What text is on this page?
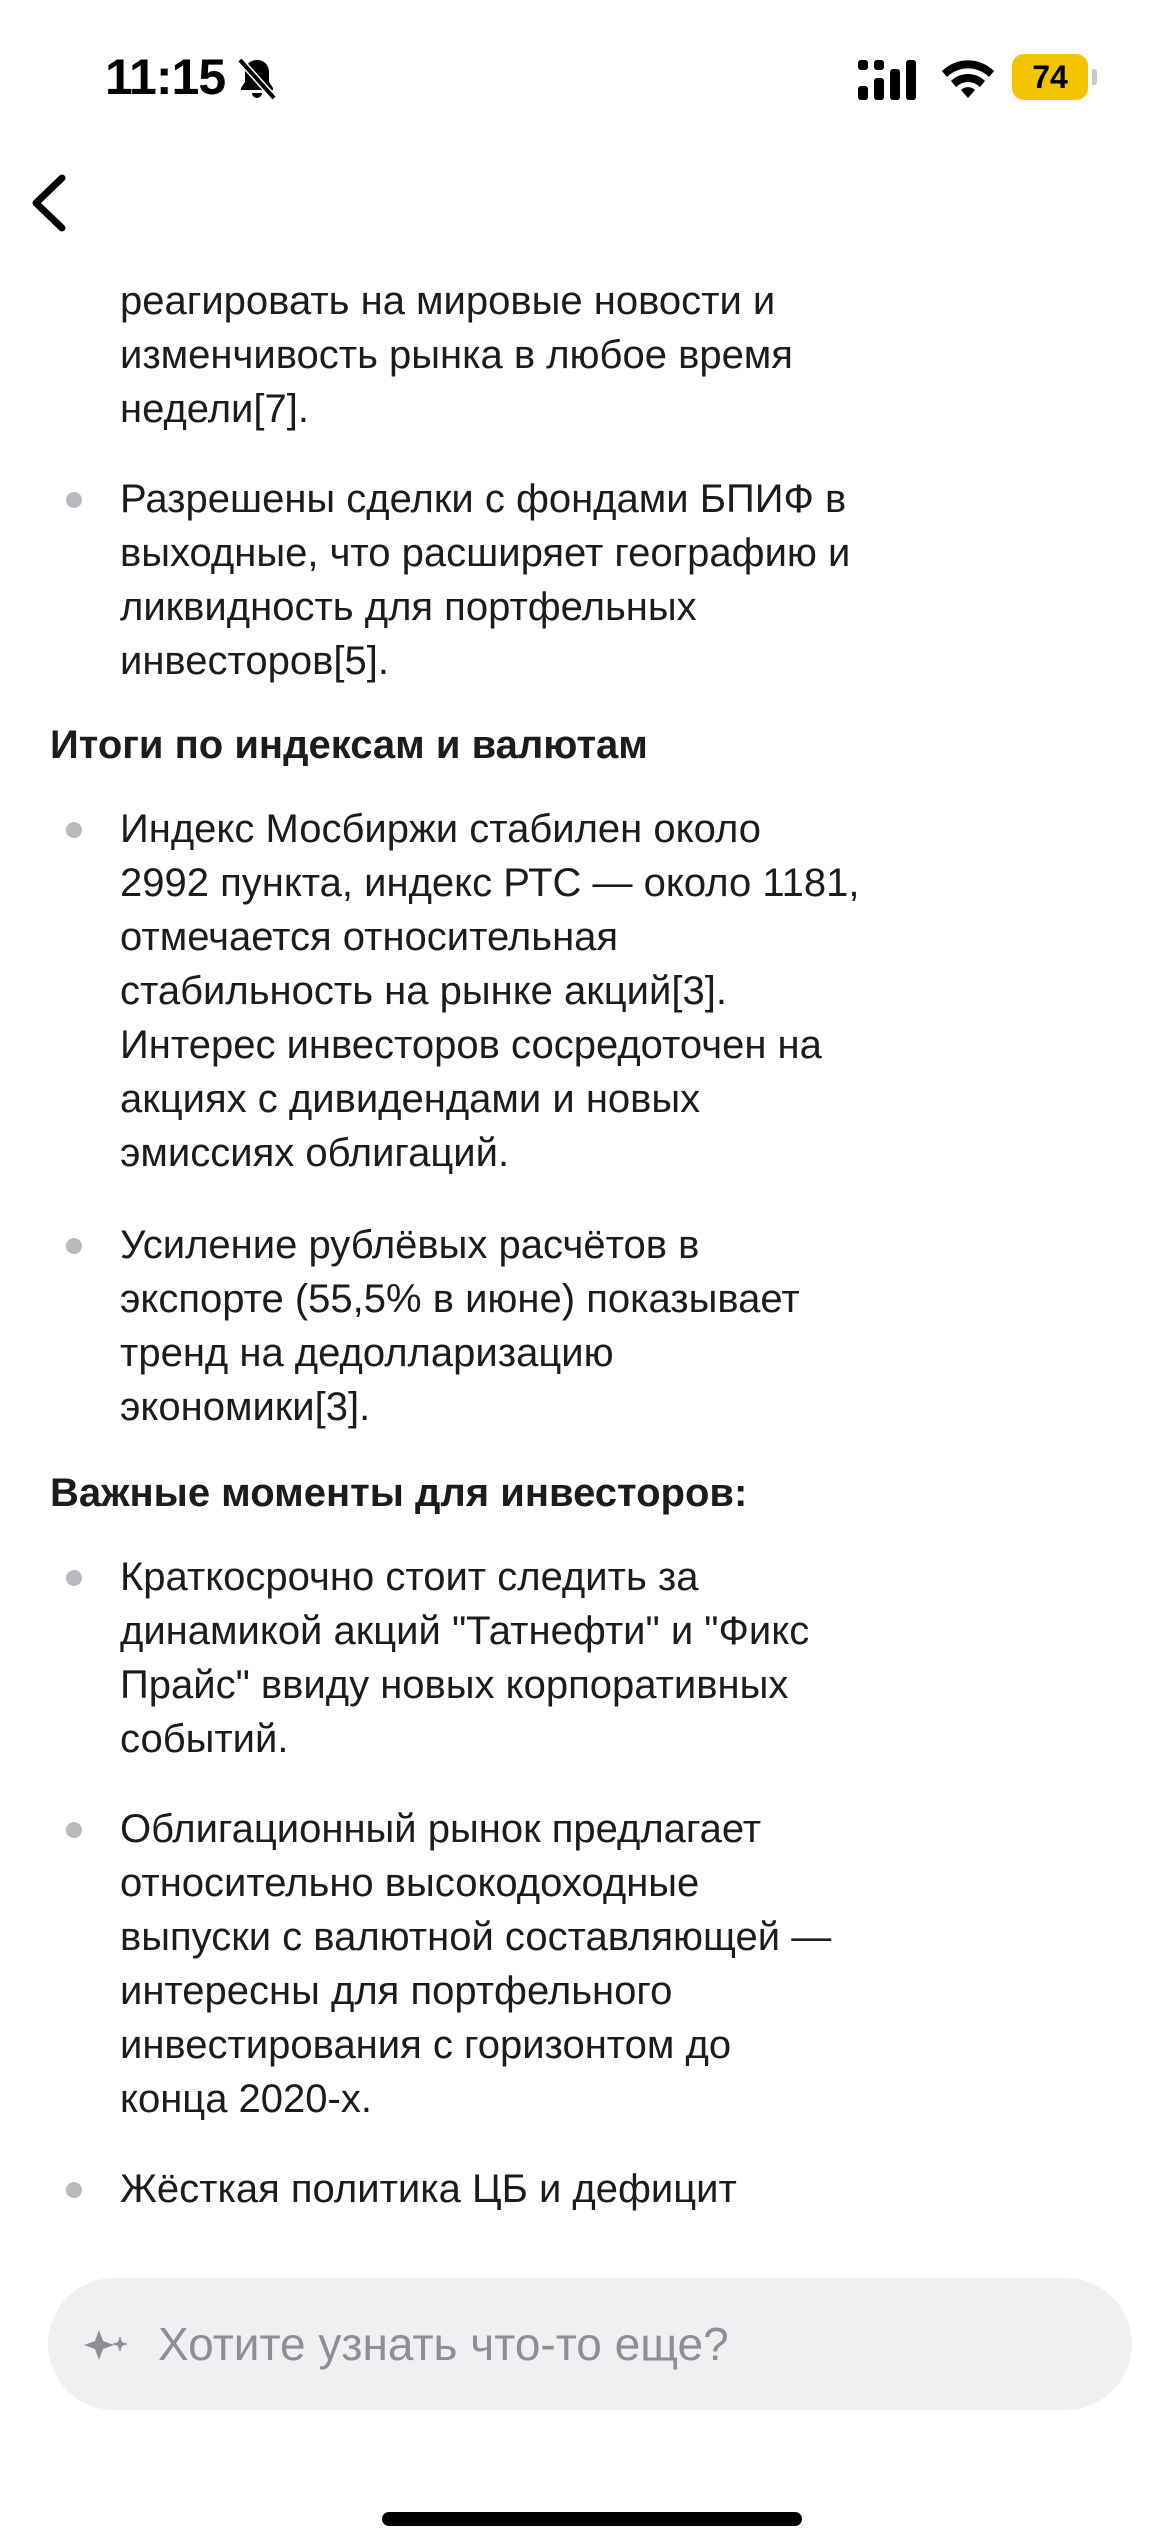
11:15	74
реагировать на мировые новости и
изменчивость рынка в любое время
недели[7].
Разрешены сделки с фондами БПИФ в
выходные, что расширяет географию и
ликвидность для портфельных
инвесторов[5].
Итоги по индексам и валютам
Индекс Мосбиржи стабилен около
2992 пункта, индекс РТС — около 1181,
отмечается относительная
стабильность на рынке акций[3].
Интерес инвесторов сосредоточен на
акциях с дивидендами и новых
эмиссиях облигаций.
Усиление рублёвых расчётов в
экспорте (55,5% в июне) показывает
тренд на дедолларизацию
экономики[3].
Важные моменты для инвесторов:
Краткосрочно стоит следить за
динамикой акций "Татнефти" и "Фикс
Прайс" ввиду новых корпоративных
событий.
Облигационный рынок предлагает
относительно высокодоходные
выпуски с валютной составляющей —
интересны для портфельного
инвестирования с горизонтом до
конца 2020-х.
Жёсткая политика ЦБ и дефицит
Хотите узнать что-то еще?
